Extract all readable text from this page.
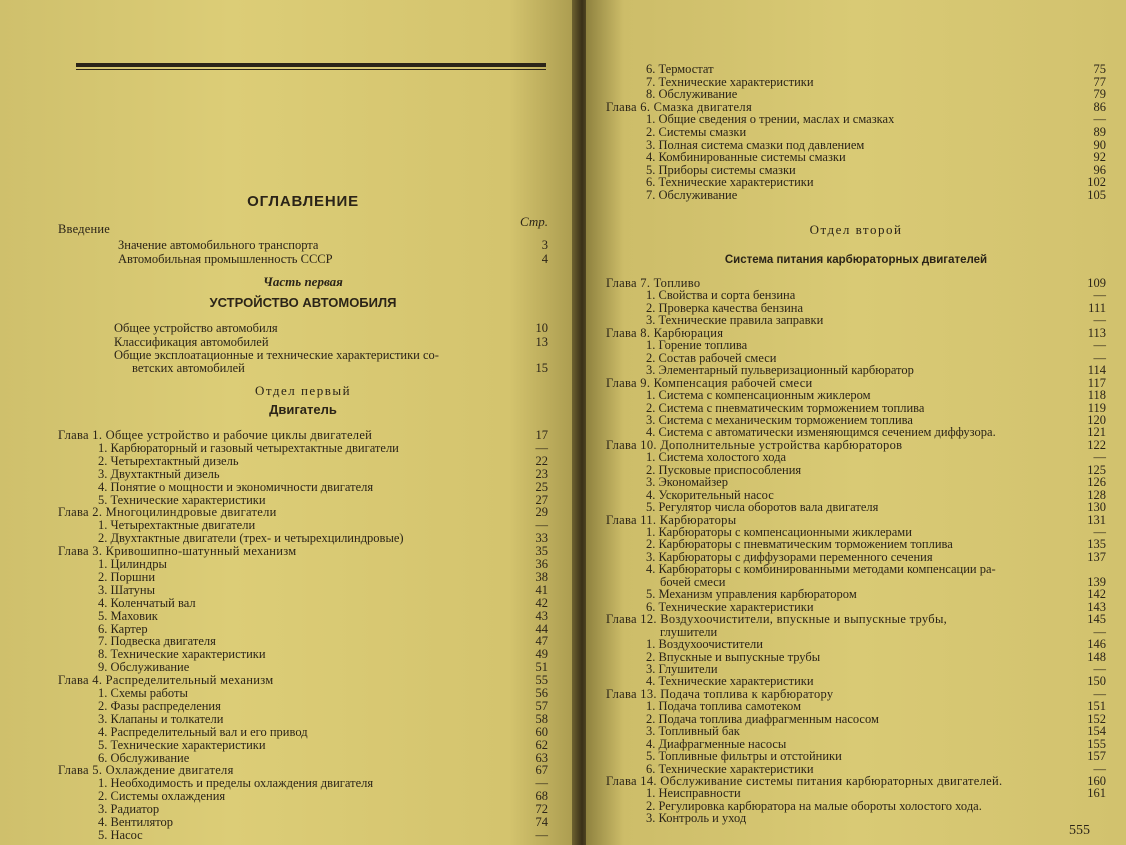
ОГЛАВЛЕНИЕ
Стр.
Введение
Значение автомобильного транспорта	3
Автомобильная промышленность СССР	4
Часть первая
УСТРОЙСТВО АВТОМОБИЛЯ
Общее устройство автомобиля	10
Классификация автомобилей	13
Общие эксплоатационные и технические характеристики со-
ветских автомобилей	15
Отдел первый
Двигатель
Глава 1. Общее устройство и рабочие циклы двигателей	17
1. Карбюраторный и газовый четырехтактные двигатели	—
2. Четырехтактный дизель	22
3. Двухтактный дизель	23
4. Понятие о мощности и экономичности двигателя	25
5. Технические характеристики	27
Глава 2. Многоцилиндровые двигатели	29
1. Четырехтактные двигатели	—
2. Двухтактные двигатели (трех- и четырехцилиндровые)	33
Глава 3. Кривошипно-шатунный механизм	35
1. Цилиндры	36
2. Поршни	38
3. Шатуны	41
4. Коленчатый вал	42
5. Маховик	43
6. Картер	44
7. Подвеска двигателя	47
8. Технические характеристики	49
9. Обслуживание	51
Глава 4. Распределительный механизм	55
1. Схемы работы	56
2. Фазы распределения	57
3. Клапаны и толкатели	58
4. Распределительный вал и его привод	60
5. Технические характеристики	62
6. Обслуживание	63
Глава 5. Охлаждение двигателя	67
1. Необходимость и пределы охлаждения двигателя	—
2. Системы охлаждения	68
3. Радиатор	72
4. Вентилятор	74
5. Насос	—
6. Термостат	75
7. Технические характеристики	77
8. Обслуживание	79
Глава 6. Смазка двигателя	86
1. Общие сведения о трении, маслах и смазках	—
2. Системы смазки	89
3. Полная система смазки под давлением	90
4. Комбинированные системы смазки	92
5. Приборы системы смазки	96
6. Технические характеристики	102
7. Обслуживание	105
Отдел второй
Система питания карбюраторных двигателей
Глава 7. Топливо	109
1. Свойства и сорта бензина	—
2. Проверка качества бензина	111
3. Технические правила заправки	—
Глава 8. Карбюрация	113
1. Горение топлива	—
2. Состав рабочей смеси	—
3. Элементарный пульверизационный карбюратор	114
Глава 9. Компенсация рабочей смеси	117
1. Система с компенсационным жиклером	118
2. Система с пневматическим торможением топлива	119
3. Система с механическим торможением топлива	120
4. Система с автоматически изменяющимся сечением диффузора.	121
Глава 10. Дополнительные устройства карбюраторов	122
1. Система холостого хода	—
2. Пусковые приспособления	125
3. Экономайзер	126
4. Ускорительный насос	128
5. Регулятор числа оборотов вала двигателя	130
Глава 11. Карбюраторы	131
1. Карбюраторы с компенсационными жиклерами	—
2. Карбюраторы с пневматическим торможением топлива	135
3. Карбюраторы с диффузорами переменного сечения	137
4. Карбюраторы с комбинированными методами компенсации ра-
бочей смеси	139
5. Механизм управления карбюратором	142
6. Технические характеристики	143
Глава 12. Воздухоочистители, впускные и выпускные трубы,	145
глушители	—
1. Воздухоочистители	146
2. Впускные и выпускные трубы	148
3. Глушители	—
4. Технические характеристики	150
Глава 13. Подача топлива к карбюратору	—
1. Подача топлива самотеком	151
2. Подача топлива диафрагменным насосом	152
3. Топливный бак	154
4. Диафрагменные насосы	155
5. Топливные фильтры и отстойники	157
6. Технические характеристики	—
Глава 14. Обслуживание системы питания карбюраторных двигателей.	160
1. Неисправности	161
2. Регулировка карбюратора на малые обороты холостого хода.
3. Контроль и уход
555
